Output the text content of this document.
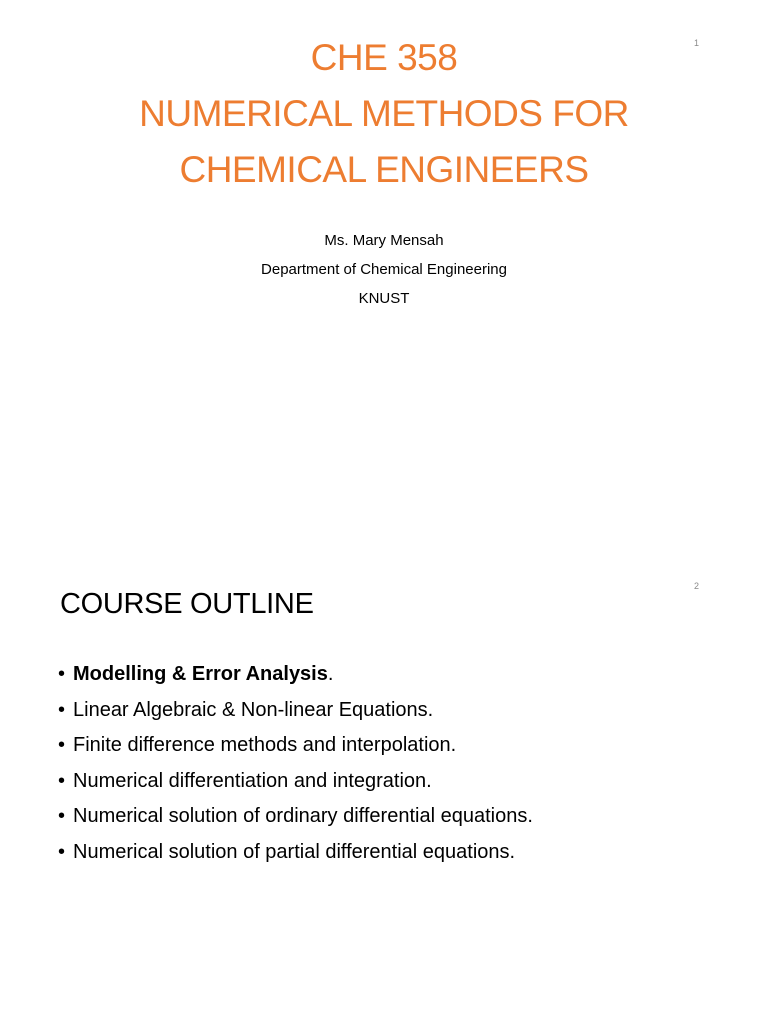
1
CHE 358
NUMERICAL METHODS FOR
CHEMICAL ENGINEERS
Ms. Mary Mensah
Department of Chemical Engineering
KNUST
2
COURSE OUTLINE
• Modelling & Error Analysis.
• Linear Algebraic & Non-linear Equations.
• Finite difference methods and interpolation.
• Numerical differentiation and integration.
• Numerical solution of ordinary differential equations.
• Numerical solution of partial differential equations.
